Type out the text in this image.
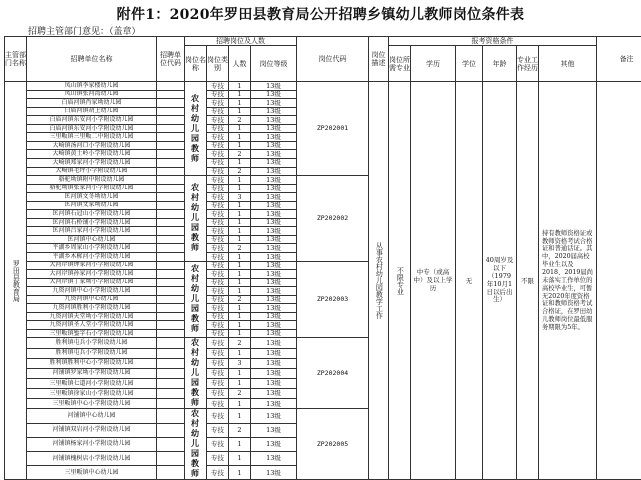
附件1：2020年罗田县教育局公开招聘乡镇幼儿教师岗位条件表
招聘主管部门意见：（盖章）
主管部门名称	招聘单位名称	招聘单位代码	招聘岗位及人数				岗位代码	岗位描述	报考资格条件						备注
			岗位名称	岗位类别	人数	岗位等级			岗位所需专业	学历	学位	年龄	专业工作经历	其他	

罗田县教育局	凤山镇李家楼幼儿园		农村幼儿园教师	专技	1	13级	ZP202001	从事农村幼儿园教学工作	不限专业	中专（或高中）及以上学历	无	40周岁及以下（1979年10月1日以后出生）	不限	持有教师资格证或教师资格考试合格证和普通话证。其中，2020届高校毕业生以及2018、2019届尚未落实工作单位的高校毕业生，可暂无2020年度资格证和教师资格考试合格证，在罗田幼儿教师岗位最低服务期限为5年。	
	凤山镇张河湾幼儿园			专技	1	13级									
	白庙河镇肖家坳幼儿园			专技	1	13级									
	白庙河镇胡上幼儿园			专技	1	13级									
	白庙河镇东安河小学附设幼儿园			专技	2	13级									
	白庙河镇东安河小学附设幼儿园			专技	1	13级									
	三里畈镇三里畈二中附设幼儿园			专技	1	13级									
	大崎镇汤河口小学附设幼儿园			专技	1	13级									
	大崎镇黄土岭小学附设幼儿园			专技	2	13级									
	大崎镇郑家河小学附设幼儿园			专技	1	13级									
	大崎镇毛坪小学附设幼儿园			专技	2	13级									
	骆驼坳镇附中附设幼儿园		农村幼儿园教师	专技	1	13级	ZP202002								
	骆驼坳镇张家河小学附设幼儿园			专技	1	13级									
	匡河镇文冬坳幼儿园			专技	3	13级									
	匡河镇文家坳幼儿园			专技	1	13级									
	匡河镇石冠山小学附设幼儿园			专技	1	13级									
	匡河镇石桥铺小学附设幼儿园			专技	1	13级									
	匡河镇吕家河小学附设幼儿园			专技	1	13级									
	匡河镇中心幼儿园			专技	1	13级									
	平湖乡周家山小学附设幼儿园			专技	2	13级									
	平湖乡木樨河小学附设幼儿园			专技	1	13级									
	大河岸镇钟家河小学附设幼儿园		农村幼儿园教师	专技	1	13级	ZP202003								
	大河岸镇孙家河小学附设幼儿园			专技	1	13级									
	大河岸镇丁家坳小学附设幼儿园			专技	1	13级									
	九资河镇中心小学附设幼儿园			专技	1	13级									
	九资河镇中心幼儿园			专技	2	13级									
	九资河镇胜利小学附设幼儿园			专技	1	13级									
	九资河镇天堂坳小学附设幼儿园			专技	1	13级									
	九资河镇圣人堂小学附设幼儿园			专技	1	13级									
	三里畈镇錾字石小学附设幼儿园			专技	1	13级									
	胜利镇屯兵小学附设幼儿园		农村幼儿园教师	专技	2	13级	ZP202004								
	胜利镇屯兵小学附设幼儿园			专技	1	13级									
	胜利镇胜利中心小学附设幼儿园			专技	3	13级									
	河铺镇罗家坳小学附设幼儿园			专技	1	13级									
	三里畈镇七道河小学附设幼儿园			专技	1	13级									
	三里畈镇徐家山小学附设幼儿园			专技	2	13级									
	三里畈镇中心小学附设幼儿园			专技	1	13级									
	河铺镇中心幼儿园		农村幼儿园教师	专技	1	13级	ZP202005								
	河铺镇双岩河小学附设幼儿园			专技	2	13级									
	河铺镇杨家河小学附设幼儿园			专技	1	13级									
	河铺镇槐树店小学附设幼儿园			专技	1	13级									
	三里畈镇中心幼儿园			专技	1	13级									
